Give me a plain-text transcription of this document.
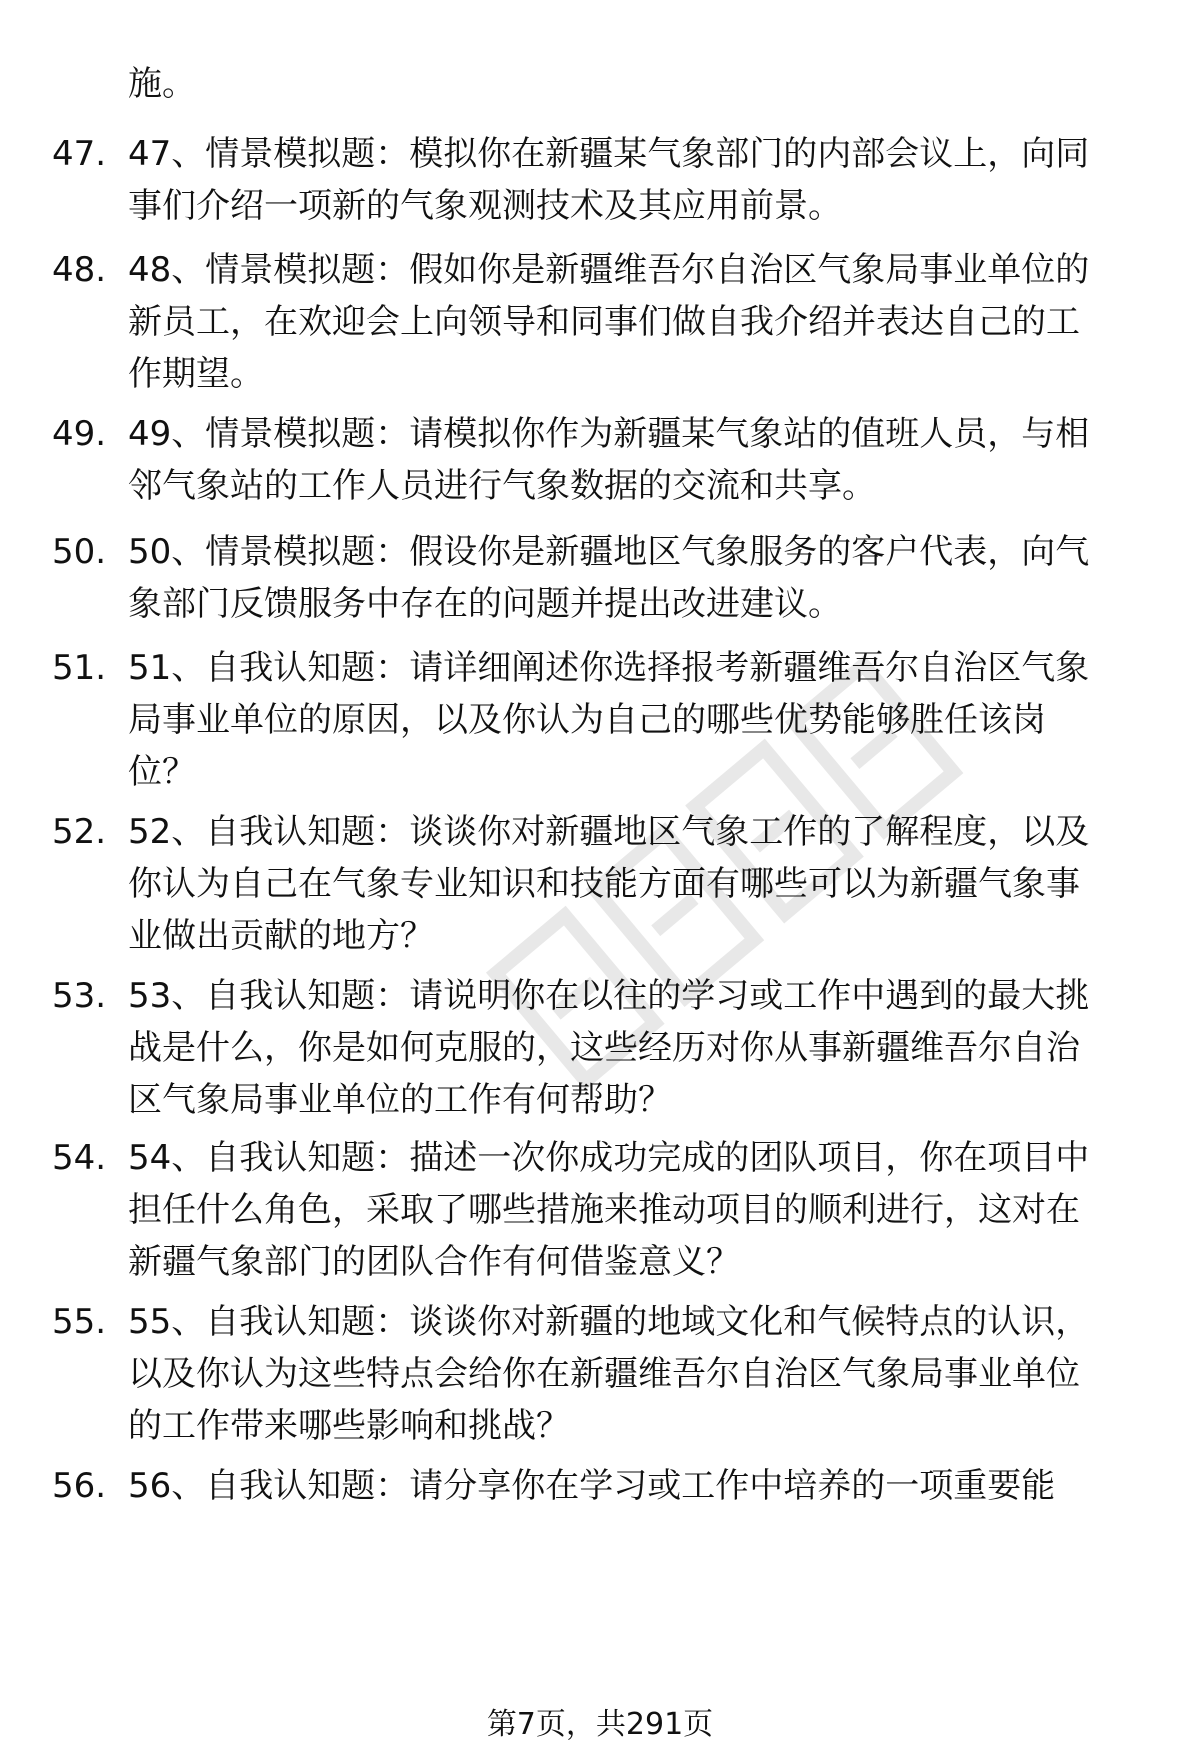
施。
47. 47、情景模拟题：模拟你在新疆某气象部门的内部会议上，向同
事们介绍一项新的气象观测技术及其应用前景。
48. 48、情景模拟题：假如你是新疆维吾尔自治区气象局事业单位的
新员工，在欢迎会上向领导和同事们做自我介绍并表达自己的工
作期望。
49. 49、情景模拟题：请模拟你作为新疆某气象站的值班人员，与相
邻气象站的工作人员进行气象数据的交流和共享。
50. 50、情景模拟题：假设你是新疆地区气象服务的客户代表，向气
象部门反馈服务中存在的问题并提出改进建议。
51. 51、自我认知题：请详细阐述你选择报考新疆维吾尔自治区气象
局事业单位的原因，以及你认为自己的哪些优势能够胜任该岗
位？
52. 52、自我认知题：谈谈你对新疆地区气象工作的了解程度，以及
你认为自己在气象专业知识和技能方面有哪些可以为新疆气象事
业做出贡献的地方？
53. 53、自我认知题：请说明你在以往的学习或工作中遇到的最大挑
战是什么，你是如何克服的，这些经历对你从事新疆维吾尔自治
区气象局事业单位的工作有何帮助？
54. 54、自我认知题：描述一次你成功完成的团队项目，你在项目中
担任什么角色，采取了哪些措施来推动项目的顺利进行，这对在
新疆气象部门的团队合作有何借鉴意义？
55. 55、自我认知题：谈谈你对新疆的地域文化和气候特点的认识，
以及你认为这些特点会给你在新疆维吾尔自治区气象局事业单位
的工作带来哪些影响和挑战？
56. 56、自我认知题：请分享你在学习或工作中培养的一项重要能
第7页，共291页
